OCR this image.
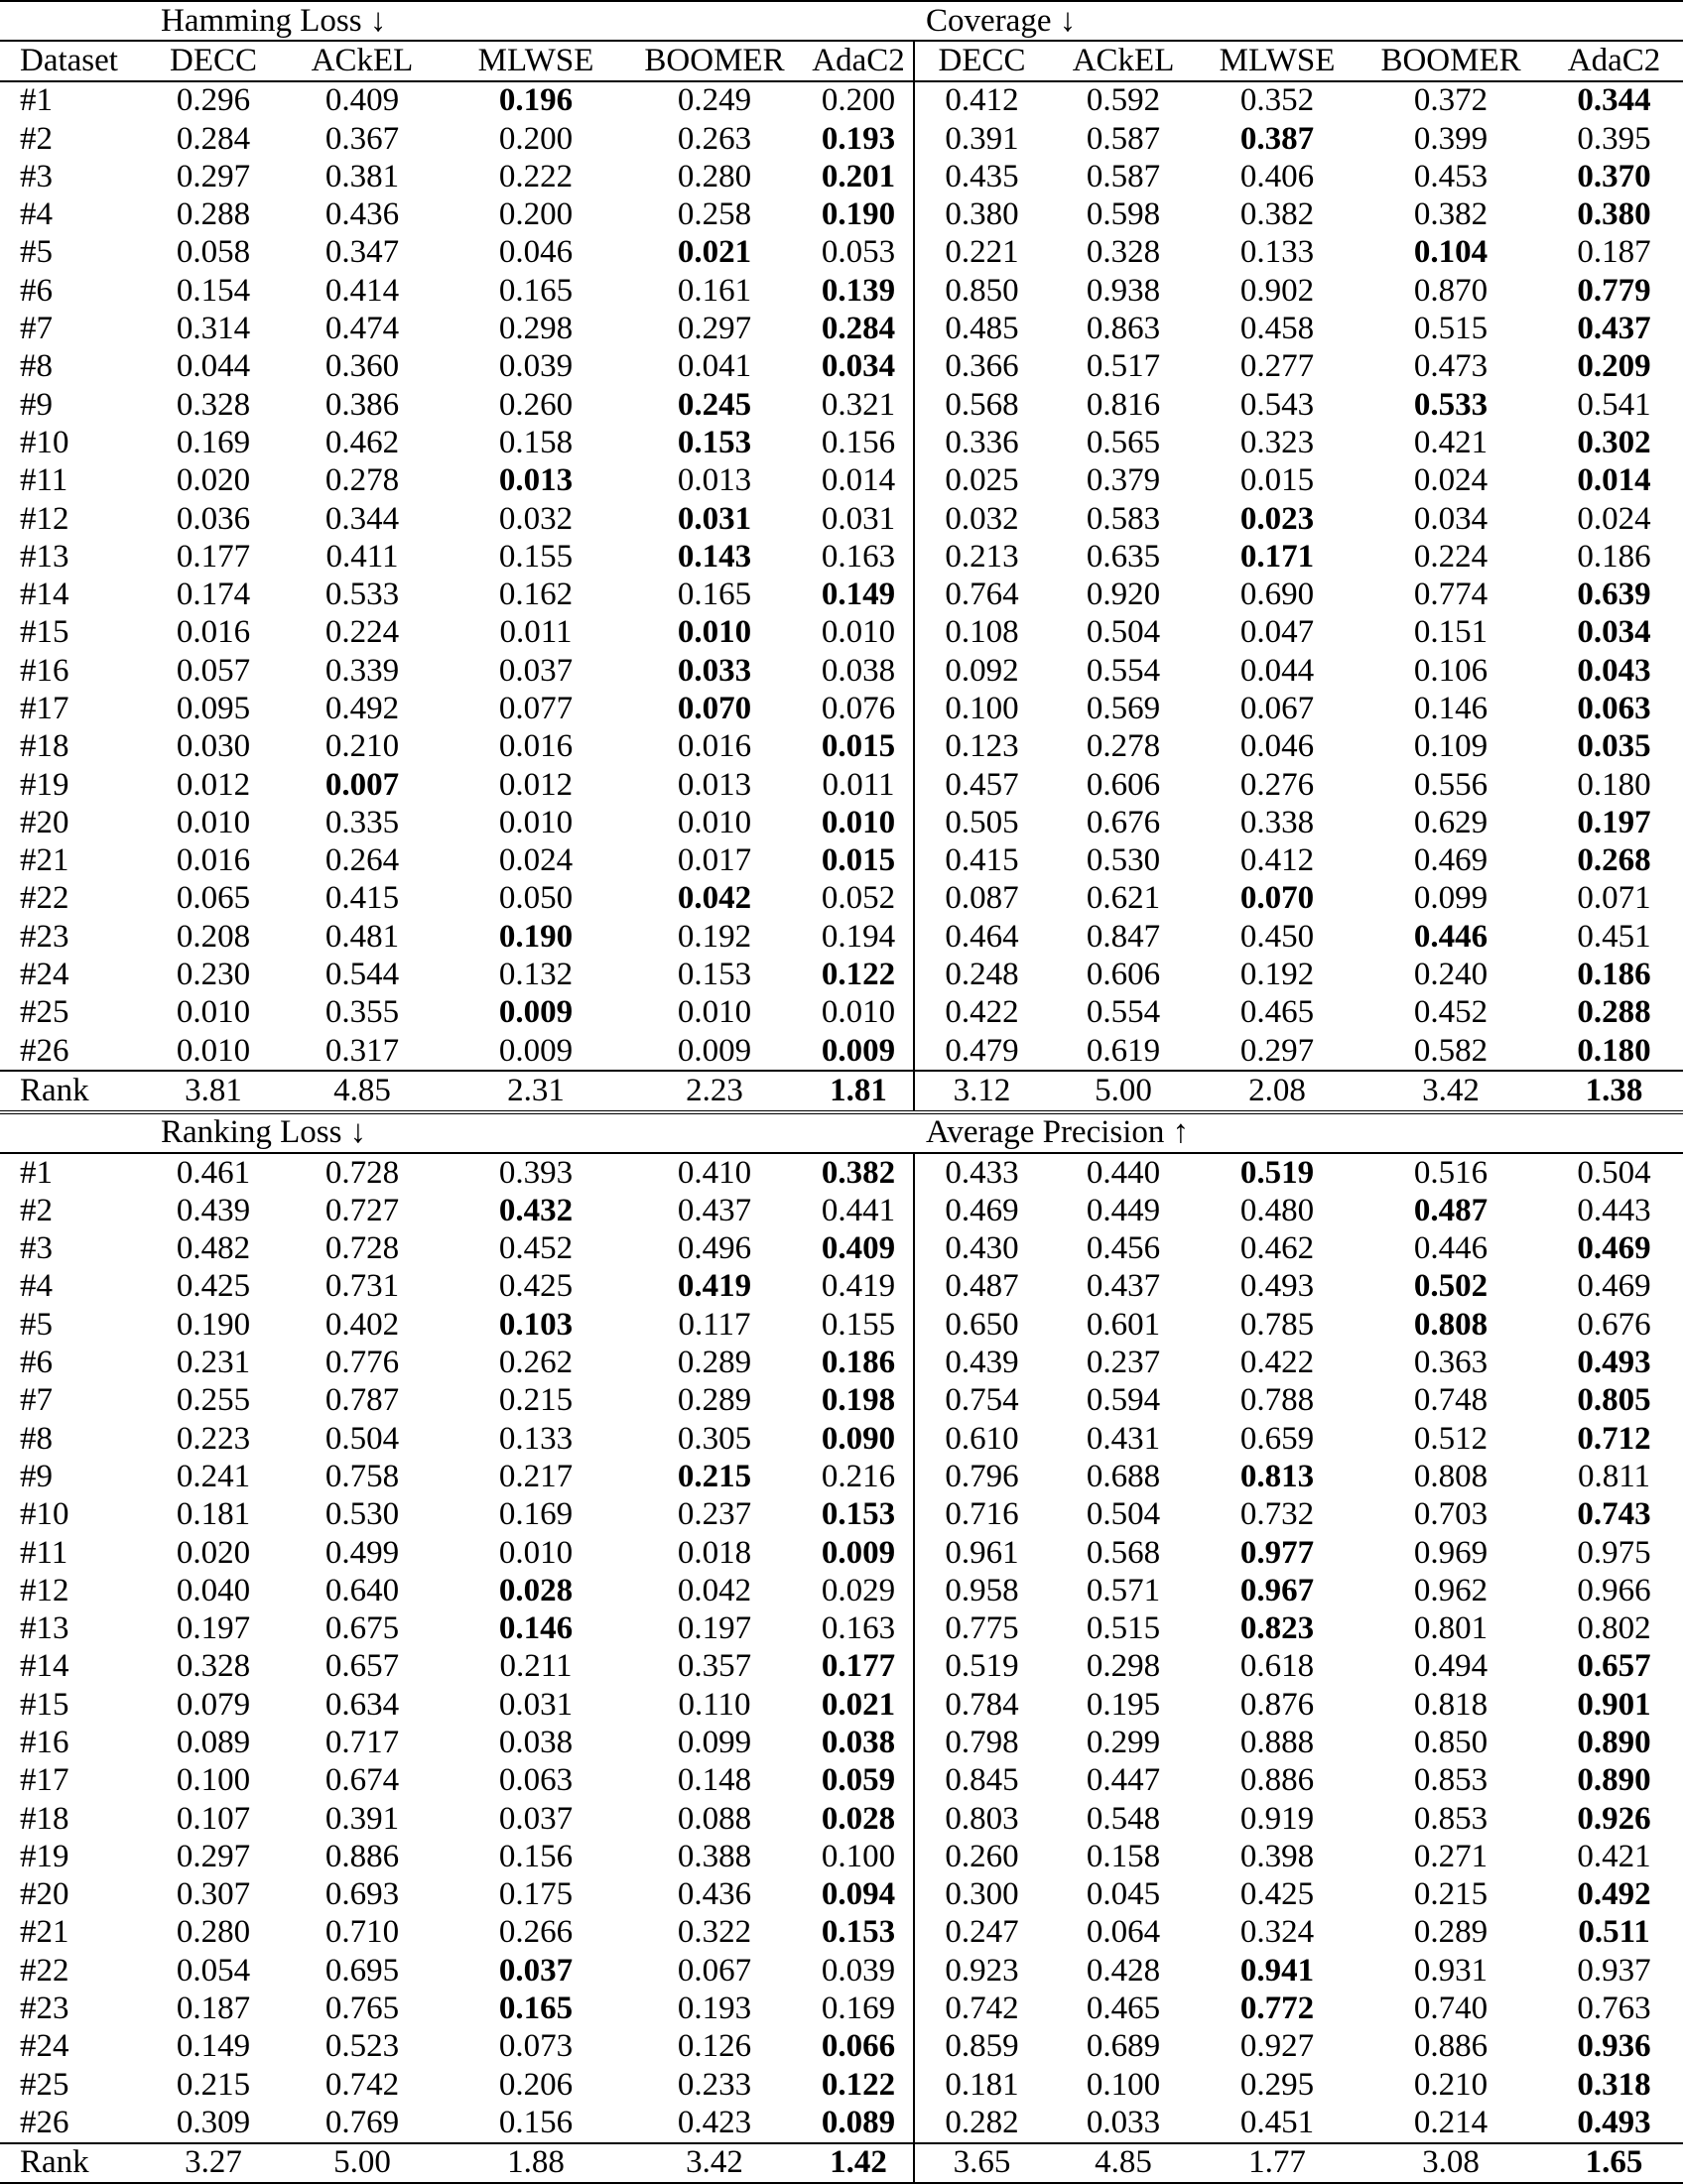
	Hamming Loss ↓					Coverage ↓				
Dataset	DECC	ACkEL	MLWSE	BOOMER	AdaC2	DECC	ACkEL	MLWSE	BOOMER	AdaC2
#1	0.296	0.409	0.196	0.249	0.200	0.412	0.592	0.352	0.372	0.344
#2	0.284	0.367	0.200	0.263	0.193	0.391	0.587	0.387	0.399	0.395
#3	0.297	0.381	0.222	0.280	0.201	0.435	0.587	0.406	0.453	0.370
#4	0.288	0.436	0.200	0.258	0.190	0.380	0.598	0.382	0.382	0.380
#5	0.058	0.347	0.046	0.021	0.053	0.221	0.328	0.133	0.104	0.187
#6	0.154	0.414	0.165	0.161	0.139	0.850	0.938	0.902	0.870	0.779
#7	0.314	0.474	0.298	0.297	0.284	0.485	0.863	0.458	0.515	0.437
#8	0.044	0.360	0.039	0.041	0.034	0.366	0.517	0.277	0.473	0.209
#9	0.328	0.386	0.260	0.245	0.321	0.568	0.816	0.543	0.533	0.541
#10	0.169	0.462	0.158	0.153	0.156	0.336	0.565	0.323	0.421	0.302
#11	0.020	0.278	0.013	0.013	0.014	0.025	0.379	0.015	0.024	0.014
#12	0.036	0.344	0.032	0.031	0.031	0.032	0.583	0.023	0.034	0.024
#13	0.177	0.411	0.155	0.143	0.163	0.213	0.635	0.171	0.224	0.186
#14	0.174	0.533	0.162	0.165	0.149	0.764	0.920	0.690	0.774	0.639
#15	0.016	0.224	0.011	0.010	0.010	0.108	0.504	0.047	0.151	0.034
#16	0.057	0.339	0.037	0.033	0.038	0.092	0.554	0.044	0.106	0.043
#17	0.095	0.492	0.077	0.070	0.076	0.100	0.569	0.067	0.146	0.063
#18	0.030	0.210	0.016	0.016	0.015	0.123	0.278	0.046	0.109	0.035
#19	0.012	0.007	0.012	0.013	0.011	0.457	0.606	0.276	0.556	0.180
#20	0.010	0.335	0.010	0.010	0.010	0.505	0.676	0.338	0.629	0.197
#21	0.016	0.264	0.024	0.017	0.015	0.415	0.530	0.412	0.469	0.268
#22	0.065	0.415	0.050	0.042	0.052	0.087	0.621	0.070	0.099	0.071
#23	0.208	0.481	0.190	0.192	0.194	0.464	0.847	0.450	0.446	0.451
#24	0.230	0.544	0.132	0.153	0.122	0.248	0.606	0.192	0.240	0.186
#25	0.010	0.355	0.009	0.010	0.010	0.422	0.554	0.465	0.452	0.288
#26	0.010	0.317	0.009	0.009	0.009	0.479	0.619	0.297	0.582	0.180
Rank	3.81	4.85	2.31	2.23	1.81	3.12	5.00	2.08	3.42	1.38
	Ranking Loss ↓					Average Precision ↑				
#1	0.461	0.728	0.393	0.410	0.382	0.433	0.440	0.519	0.516	0.504
#2	0.439	0.727	0.432	0.437	0.441	0.469	0.449	0.480	0.487	0.443
#3	0.482	0.728	0.452	0.496	0.409	0.430	0.456	0.462	0.446	0.469
#4	0.425	0.731	0.425	0.419	0.419	0.487	0.437	0.493	0.502	0.469
#5	0.190	0.402	0.103	0.117	0.155	0.650	0.601	0.785	0.808	0.676
#6	0.231	0.776	0.262	0.289	0.186	0.439	0.237	0.422	0.363	0.493
#7	0.255	0.787	0.215	0.289	0.198	0.754	0.594	0.788	0.748	0.805
#8	0.223	0.504	0.133	0.305	0.090	0.610	0.431	0.659	0.512	0.712
#9	0.241	0.758	0.217	0.215	0.216	0.796	0.688	0.813	0.808	0.811
#10	0.181	0.530	0.169	0.237	0.153	0.716	0.504	0.732	0.703	0.743
#11	0.020	0.499	0.010	0.018	0.009	0.961	0.568	0.977	0.969	0.975
#12	0.040	0.640	0.028	0.042	0.029	0.958	0.571	0.967	0.962	0.966
#13	0.197	0.675	0.146	0.197	0.163	0.775	0.515	0.823	0.801	0.802
#14	0.328	0.657	0.211	0.357	0.177	0.519	0.298	0.618	0.494	0.657
#15	0.079	0.634	0.031	0.110	0.021	0.784	0.195	0.876	0.818	0.901
#16	0.089	0.717	0.038	0.099	0.038	0.798	0.299	0.888	0.850	0.890
#17	0.100	0.674	0.063	0.148	0.059	0.845	0.447	0.886	0.853	0.890
#18	0.107	0.391	0.037	0.088	0.028	0.803	0.548	0.919	0.853	0.926
#19	0.297	0.886	0.156	0.388	0.100	0.260	0.158	0.398	0.271	0.421
#20	0.307	0.693	0.175	0.436	0.094	0.300	0.045	0.425	0.215	0.492
#21	0.280	0.710	0.266	0.322	0.153	0.247	0.064	0.324	0.289	0.511
#22	0.054	0.695	0.037	0.067	0.039	0.923	0.428	0.941	0.931	0.937
#23	0.187	0.765	0.165	0.193	0.169	0.742	0.465	0.772	0.740	0.763
#24	0.149	0.523	0.073	0.126	0.066	0.859	0.689	0.927	0.886	0.936
#25	0.215	0.742	0.206	0.233	0.122	0.181	0.100	0.295	0.210	0.318
#26	0.309	0.769	0.156	0.423	0.089	0.282	0.033	0.451	0.214	0.493
Rank	3.27	5.00	1.88	3.42	1.42	3.65	4.85	1.77	3.08	1.65
